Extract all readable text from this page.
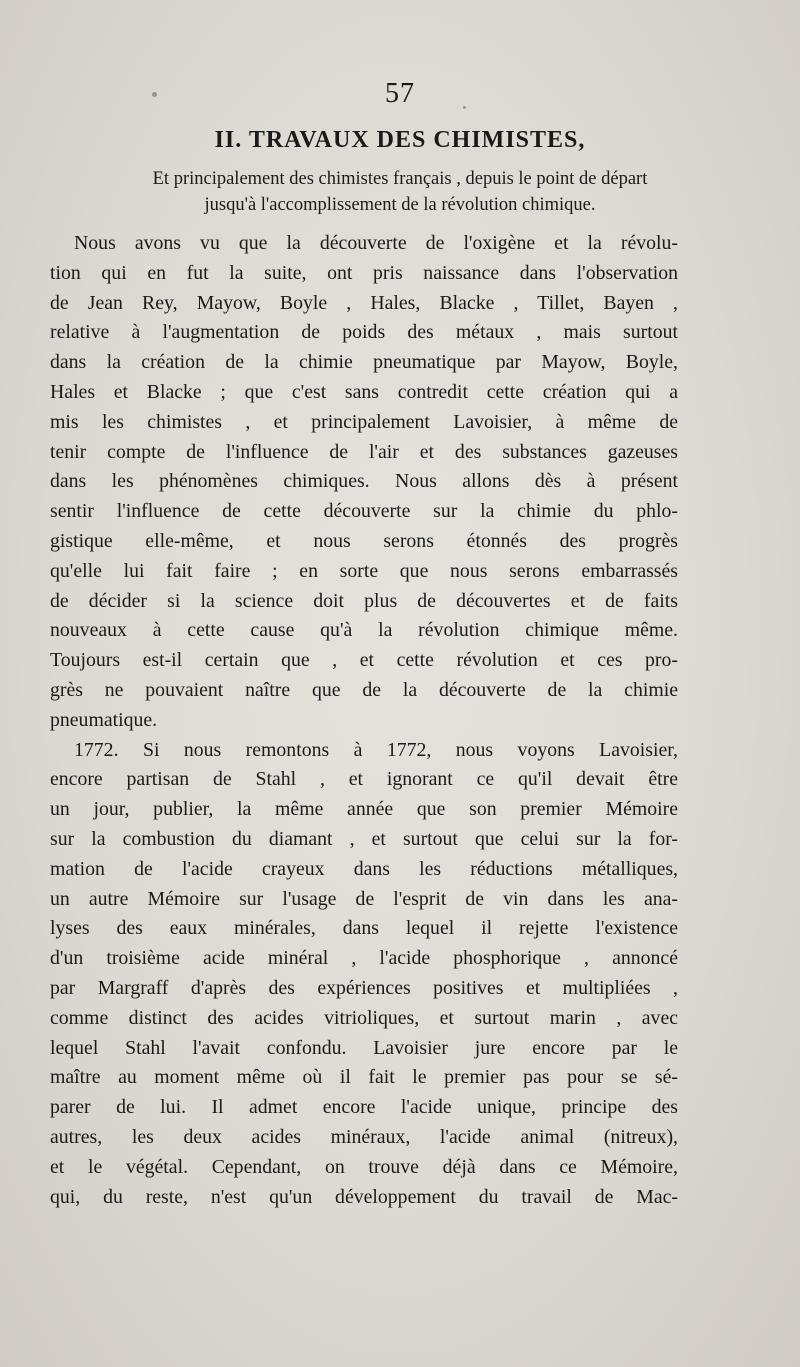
57
II. TRAVAUX DES CHIMISTES,
Et principalement des chimistes français , depuis le point de départ
jusqu'à l'accomplissement de la révolution chimique.
Nous avons vu que la découverte de l'oxigène et la révolu-
tion qui en fut la suite, ont pris naissance dans l'observation
de Jean Rey, Mayow, Boyle , Hales, Blacke , Tillet, Bayen ,
relative à l'augmentation de poids des métaux , mais surtout
dans la création de la chimie pneumatique par Mayow, Boyle,
Hales et Blacke ; que c'est sans contredit cette création qui a
mis les chimistes , et principalement Lavoisier, à même de
tenir compte de l'influence de l'air et des substances gazeuses
dans les phénomènes chimiques. Nous allons dès à présent
sentir l'influence de cette découverte sur la chimie du phlo-
gistique elle-même, et nous serons étonnés des progrès
qu'elle lui fait faire ; en sorte que nous serons embarrassés
de décider si la science doit plus de découvertes et de faits
nouveaux à cette cause qu'à la révolution chimique même.
Toujours est-il certain que , et cette révolution et ces pro-
grès ne pouvaient naître que de la découverte de la chimie
pneumatique.
1772. Si nous remontons à 1772, nous voyons Lavoisier,
encore partisan de Stahl , et ignorant ce qu'il devait être
un jour, publier, la même année que son premier Mémoire
sur la combustion du diamant , et surtout que celui sur la for-
mation de l'acide crayeux dans les réductions métalliques,
un autre Mémoire sur l'usage de l'esprit de vin dans les ana-
lyses des eaux minérales, dans lequel il rejette l'existence
d'un troisième acide minéral , l'acide phosphorique , annoncé
par Margraff d'après des expériences positives et multipliées ,
comme distinct des acides vitrioliques, et surtout marin , avec
lequel Stahl l'avait confondu. Lavoisier jure encore par le
maître au moment même où il fait le premier pas pour se sé-
parer de lui. Il admet encore l'acide unique, principe des
autres, les deux acides minéraux, l'acide animal (nitreux),
et le végétal. Cependant, on trouve déjà dans ce Mémoire,
qui, du reste, n'est qu'un développement du travail de Mac-
